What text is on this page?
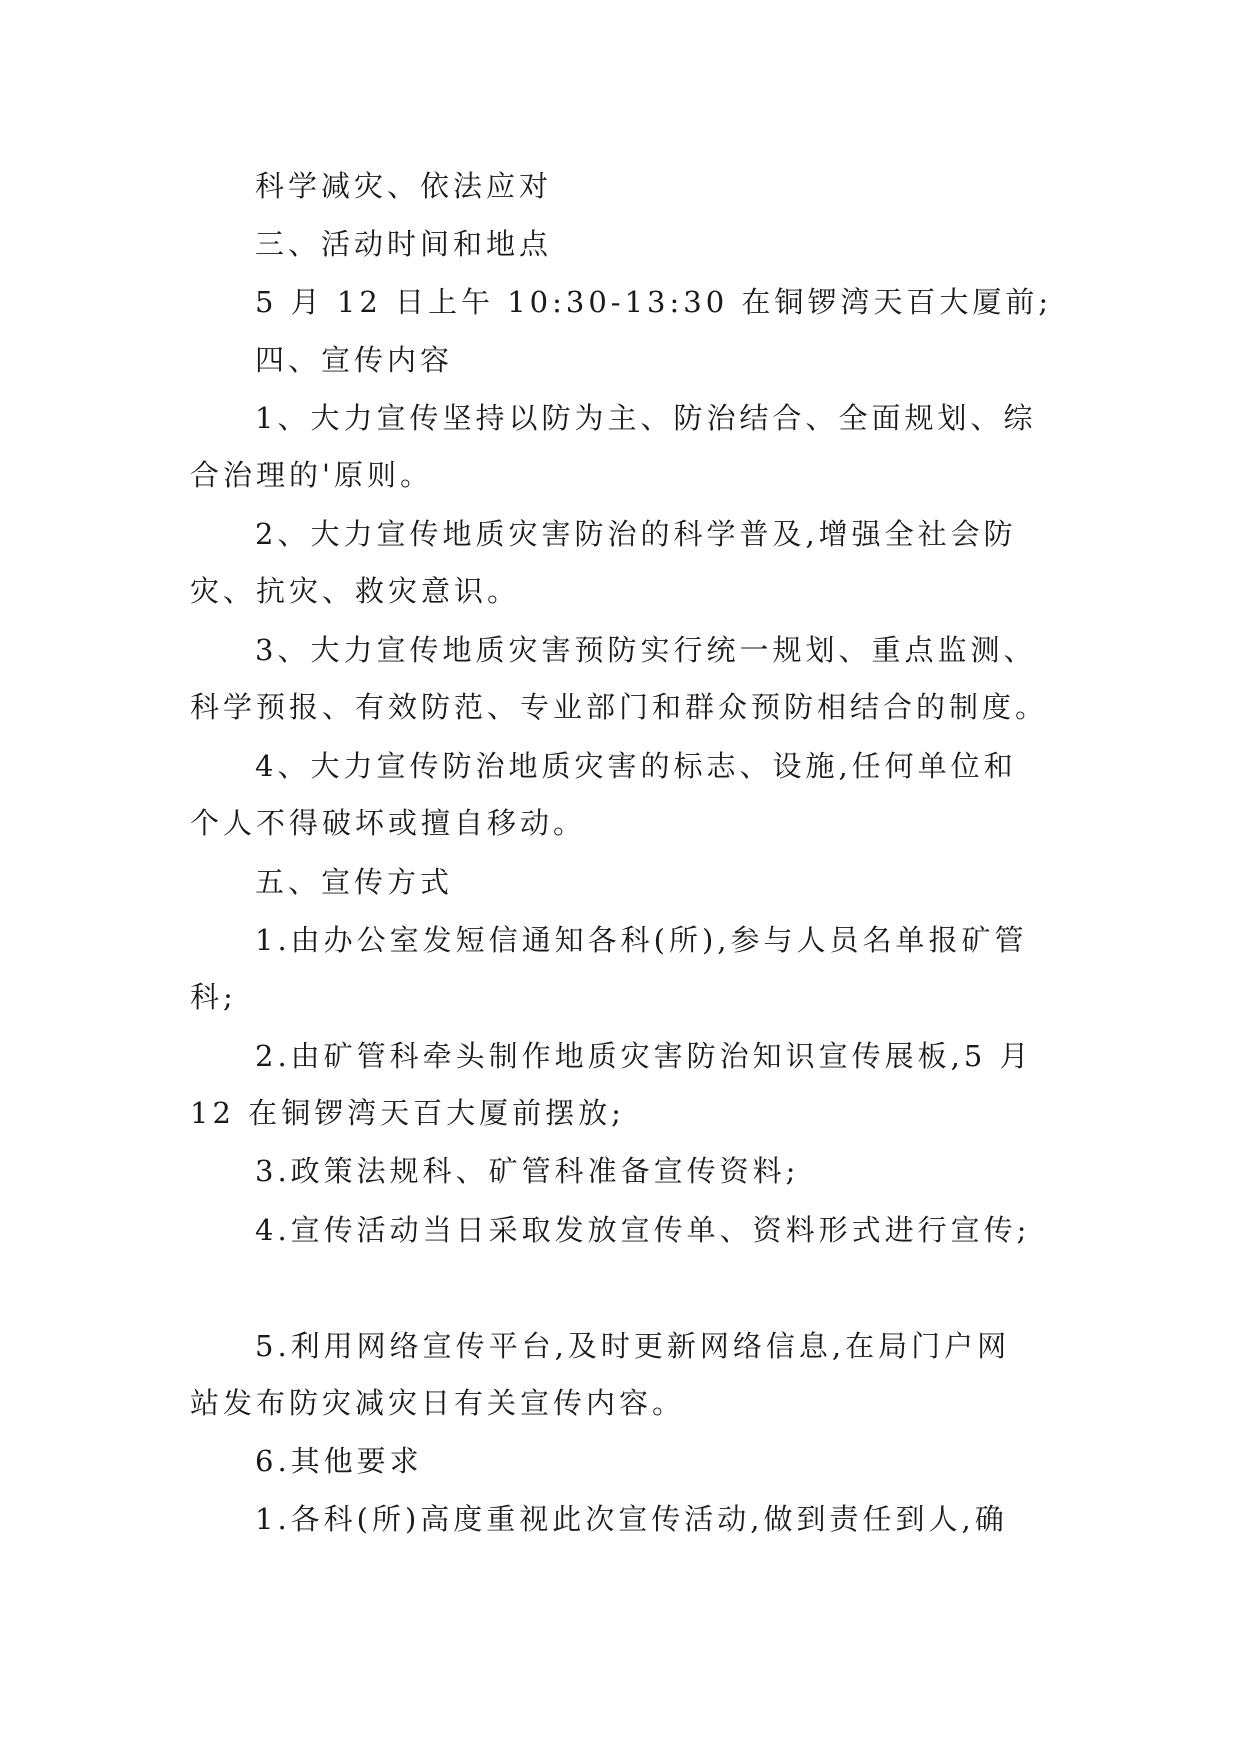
科学减灾、依法应对
三、活动时间和地点
5 月 12 日上午 10:30-13:30 在铜锣湾天百大厦前;
四、宣传内容
1、大力宣传坚持以防为主、防治结合、全面规划、综
合治理的'原则。
2、大力宣传地质灾害防治的科学普及,增强全社会防
灾、抗灾、救灾意识。
3、大力宣传地质灾害预防实行统一规划、重点监测、
科学预报、有效防范、专业部门和群众预防相结合的制度。
4、大力宣传防治地质灾害的标志、设施,任何单位和
个人不得破坏或擅自移动。
五、宣传方式
1.由办公室发短信通知各科(所),参与人员名单报矿管
科;
2.由矿管科牵头制作地质灾害防治知识宣传展板,5 月
12 在铜锣湾天百大厦前摆放;
3.政策法规科、矿管科准备宣传资料;
4.宣传活动当日采取发放宣传单、资料形式进行宣传;
5.利用网络宣传平台,及时更新网络信息,在局门户网
站发布防灾减灾日有关宣传内容。
6.其他要求
1.各科(所)高度重视此次宣传活动,做到责任到人,确
